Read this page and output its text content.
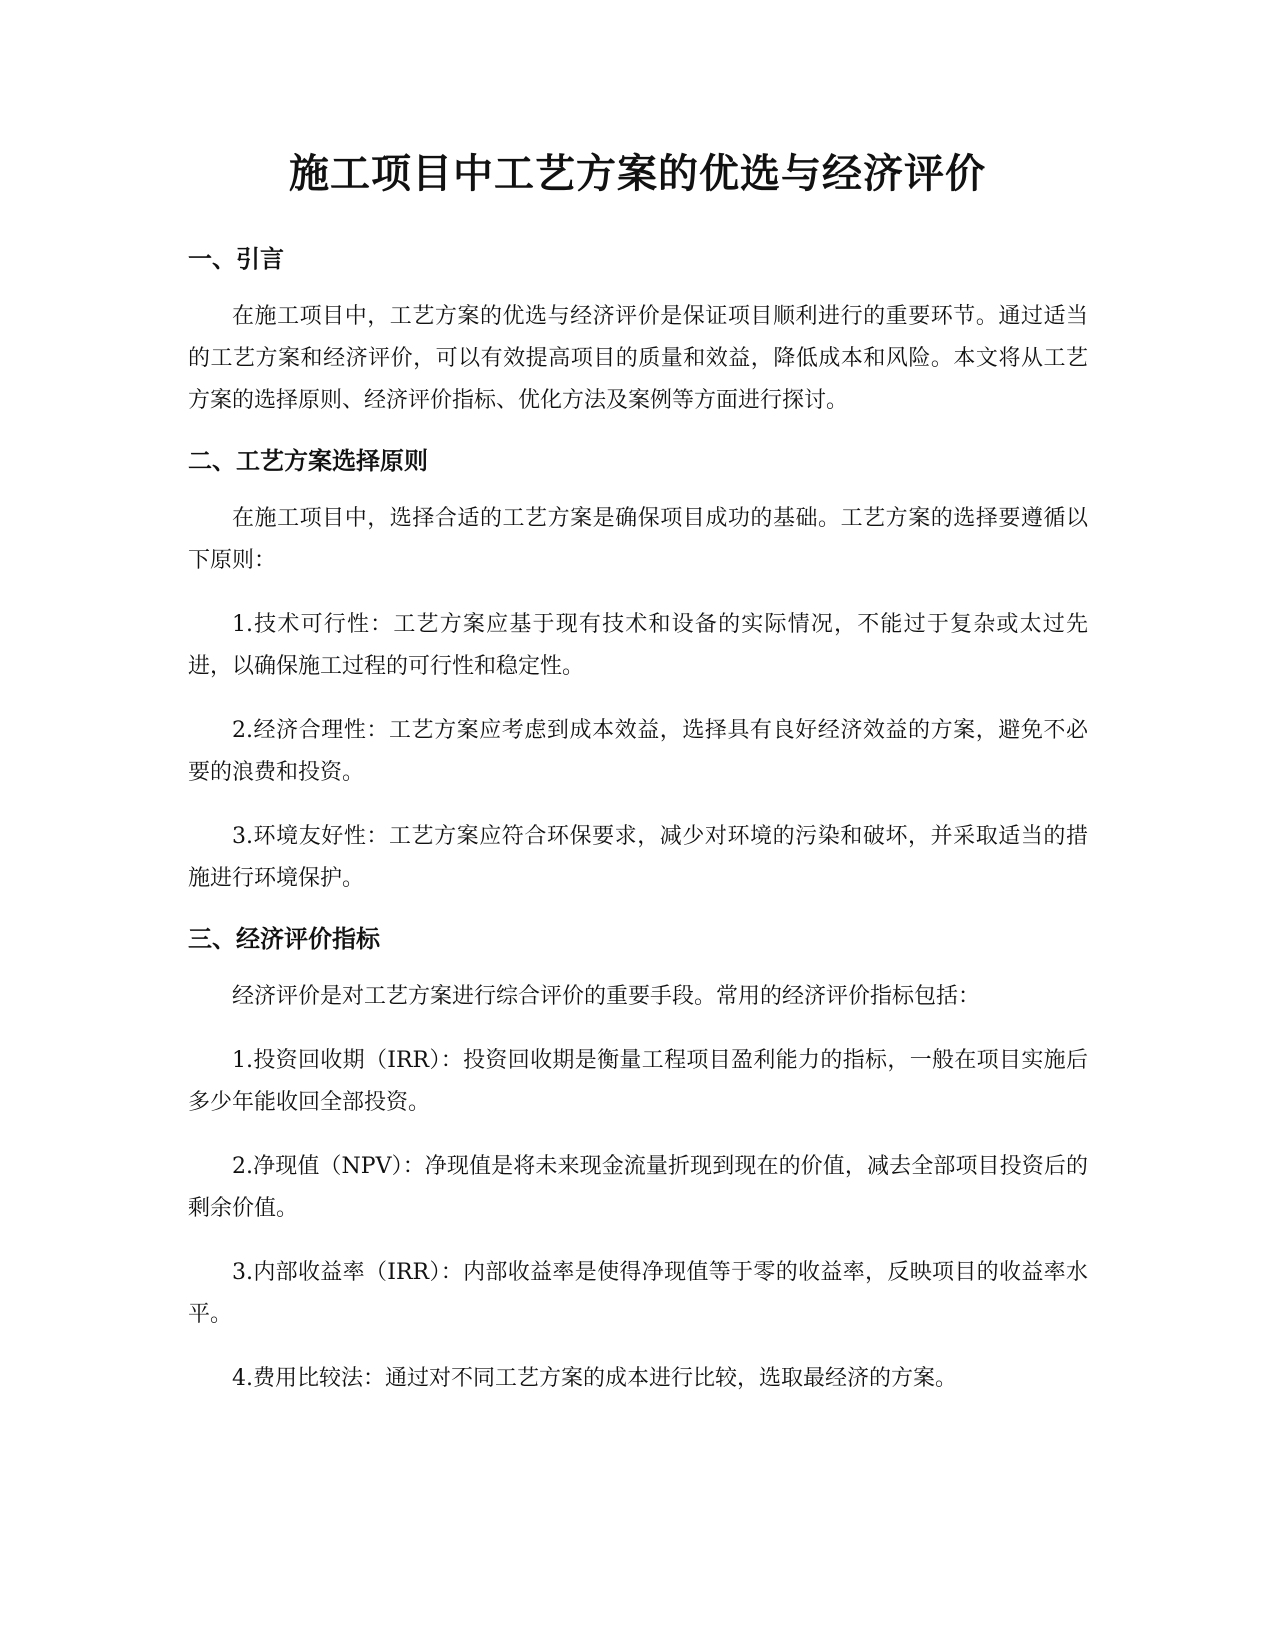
施工项目中工艺方案的优选与经济评价
一、引言

在施工项目中，工艺方案的优选与经济评价是保证项目顺利进行的重要环节。通过适当的工艺方案和经济评价，可以有效提高项目的质量和效益，降低成本和风险。本文将从工艺方案的选择原则、经济评价指标、优化方法及案例等方面进行探讨。

二、工艺方案选择原则

在施工项目中，选择合适的工艺方案是确保项目成功的基础。工艺方案的选择要遵循以下原则：

1.技术可行性：工艺方案应基于现有技术和设备的实际情况，不能过于复杂或太过先进，以确保施工过程的可行性和稳定性。

2.经济合理性：工艺方案应考虑到成本效益，选择具有良好经济效益的方案，避免不必要的浪费和投资。

3.环境友好性：工艺方案应符合环保要求，减少对环境的污染和破坏，并采取适当的措施进行环境保护。

三、经济评价指标

经济评价是对工艺方案进行综合评价的重要手段。常用的经济评价指标包括：

1.投资回收期（IRR）：投资回收期是衡量工程项目盈利能力的指标，一般在项目实施后多少年能收回全部投资。

2.净现值（NPV）：净现值是将未来现金流量折现到现在的价值，减去全部项目投资后的剩余价值。

3.内部收益率（IRR）：内部收益率是使得净现值等于零的收益率，反映项目的收益率水平。

4.费用比较法：通过对不同工艺方案的成本进行比较，选取最经济的方案。
